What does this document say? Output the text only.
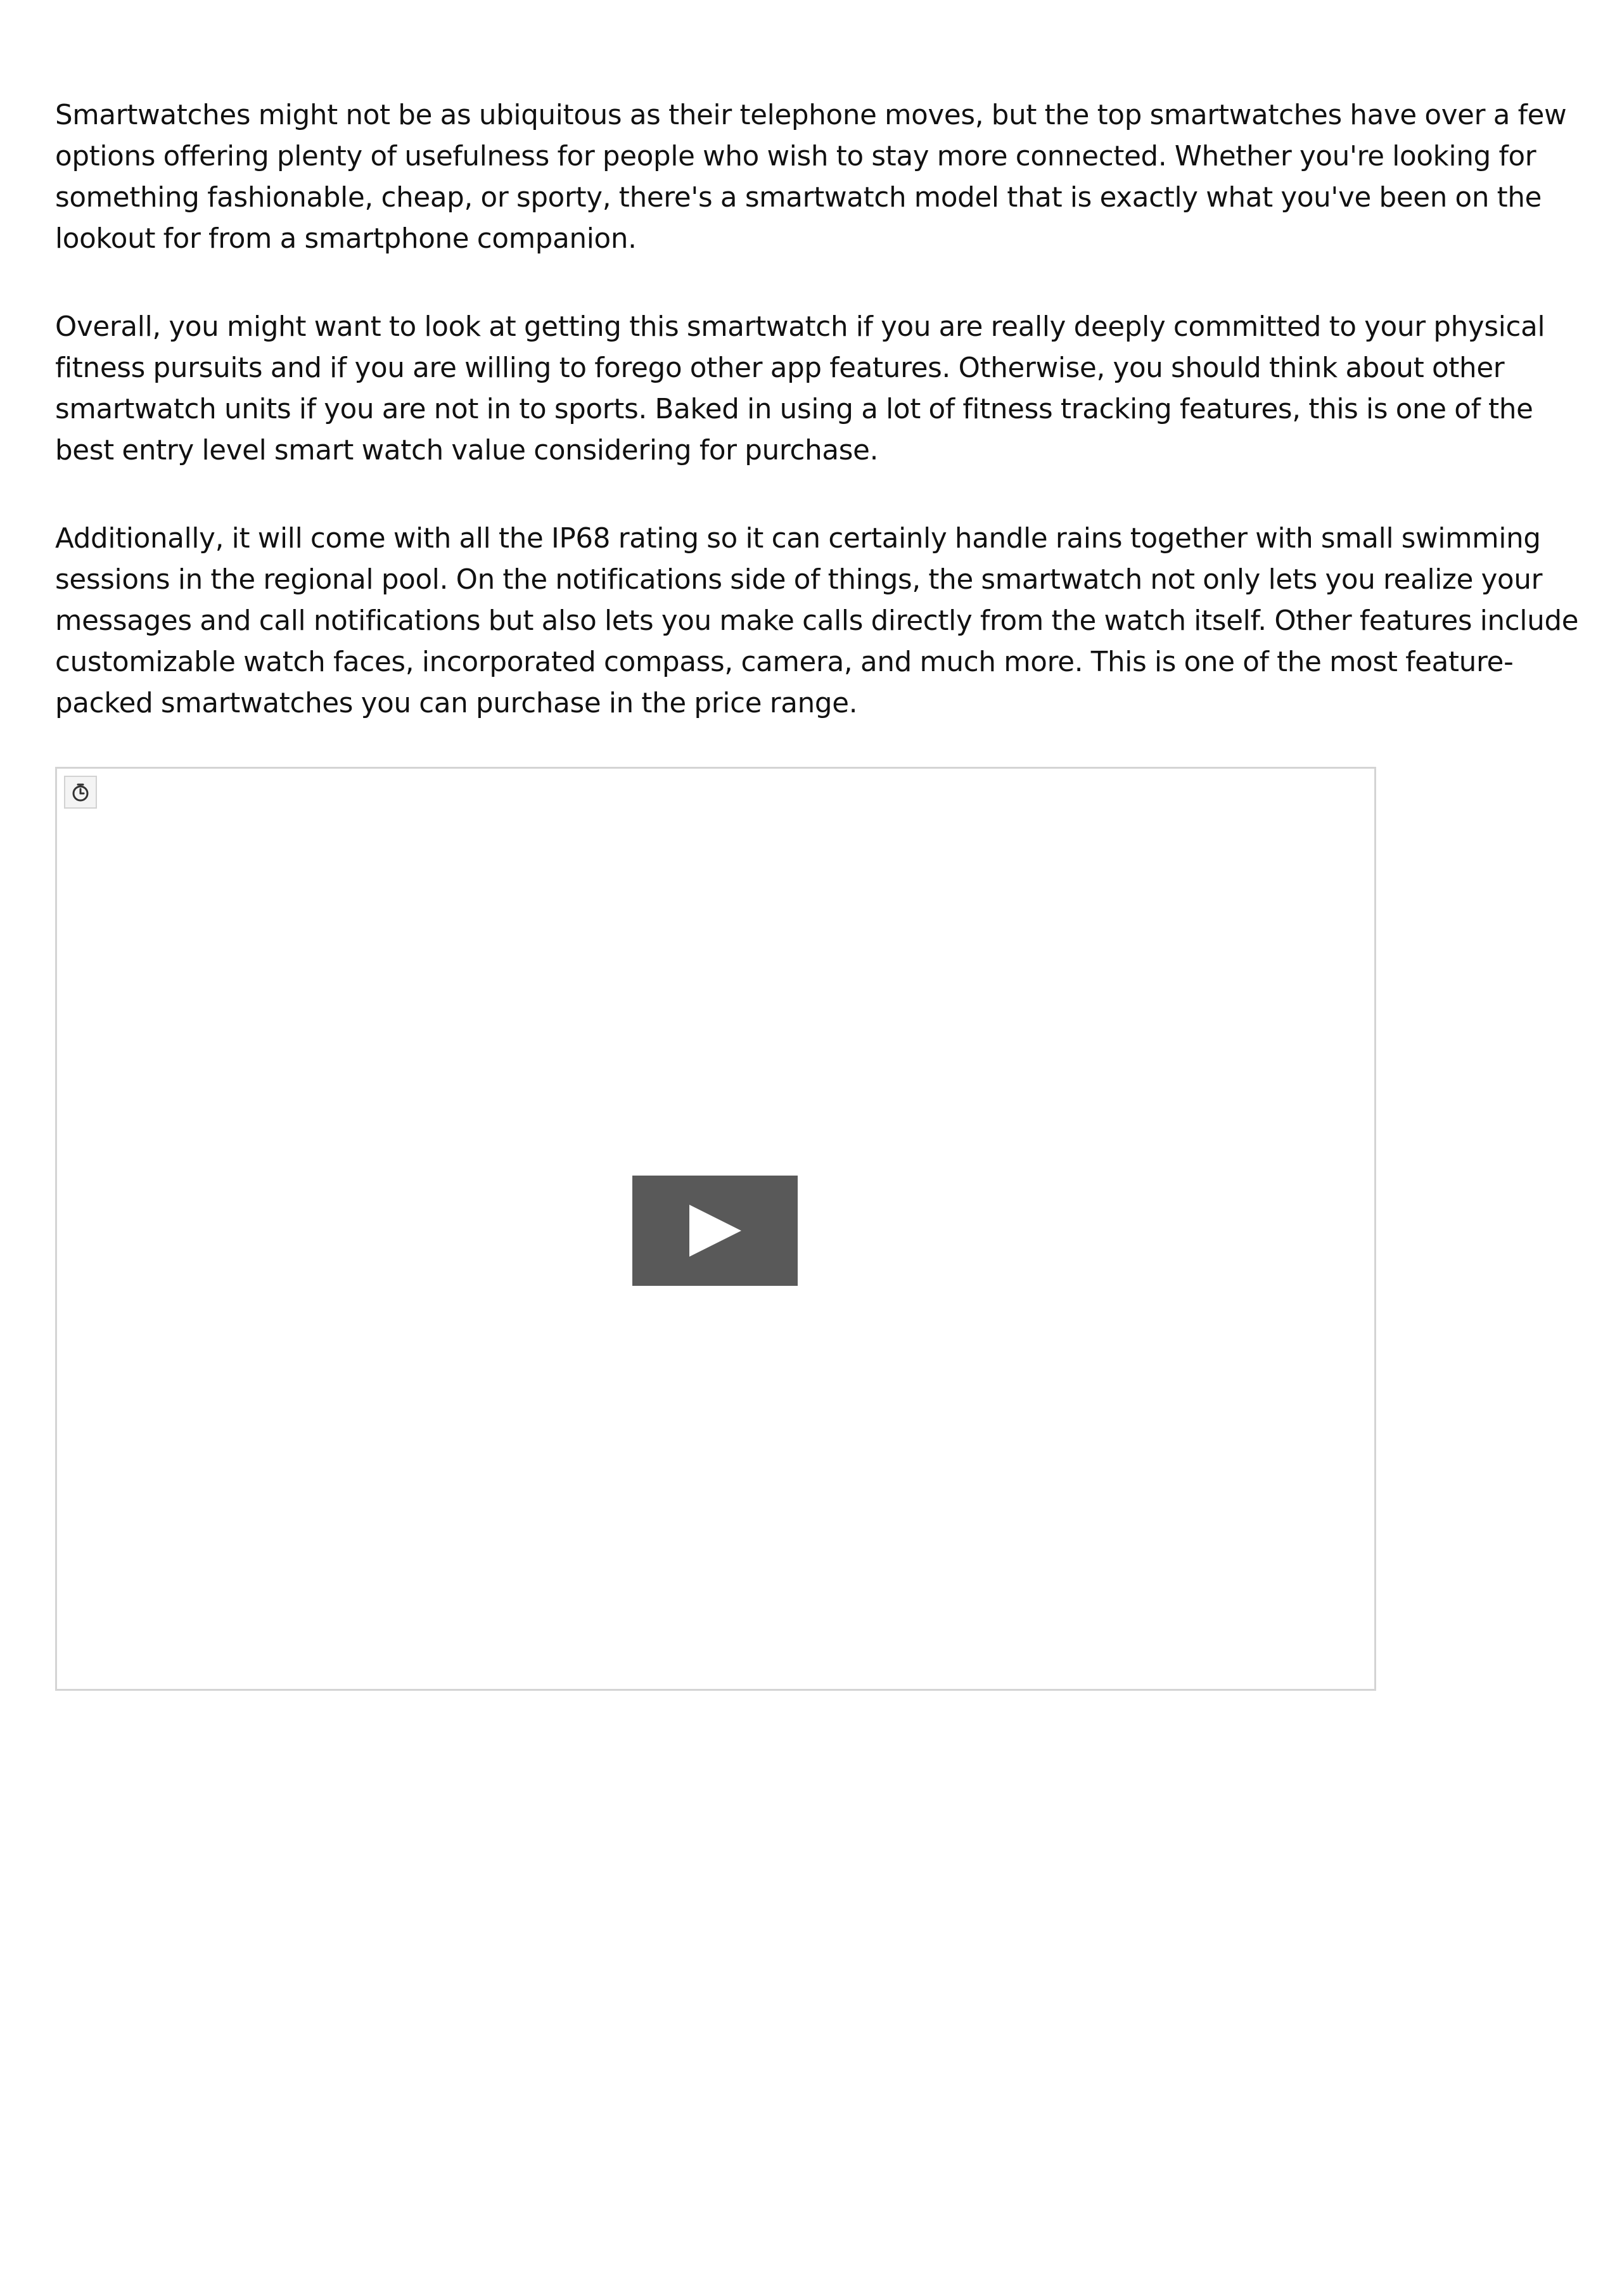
Smartwatches might not be as ubiquitous as their telephone moves, but the top smartwatches have over a few options offering plenty of usefulness for people who wish to stay more connected. Whether you're looking for something fashionable, cheap, or sporty, there's a smartwatch model that is exactly what you've been on the lookout for from a smartphone companion.

Overall, you might want to look at getting this smartwatch if you are really deeply committed to your physical fitness pursuits and if you are willing to forego other app features. Otherwise, you should think about other smartwatch units if you are not in to sports. Baked in using a lot of fitness tracking features, this is one of the best entry level smart watch value considering for purchase.

Additionally, it will come with all the IP68 rating so it can certainly handle rains together with small swimming sessions in the regional pool. On the notifications side of things, the smartwatch not only lets you realize your messages and call notifications but also lets you make calls directly from the watch itself. Other features include customizable watch faces, incorporated compass, camera, and much more. This is one of the most feature-packed smartwatches you can purchase in the price range.
